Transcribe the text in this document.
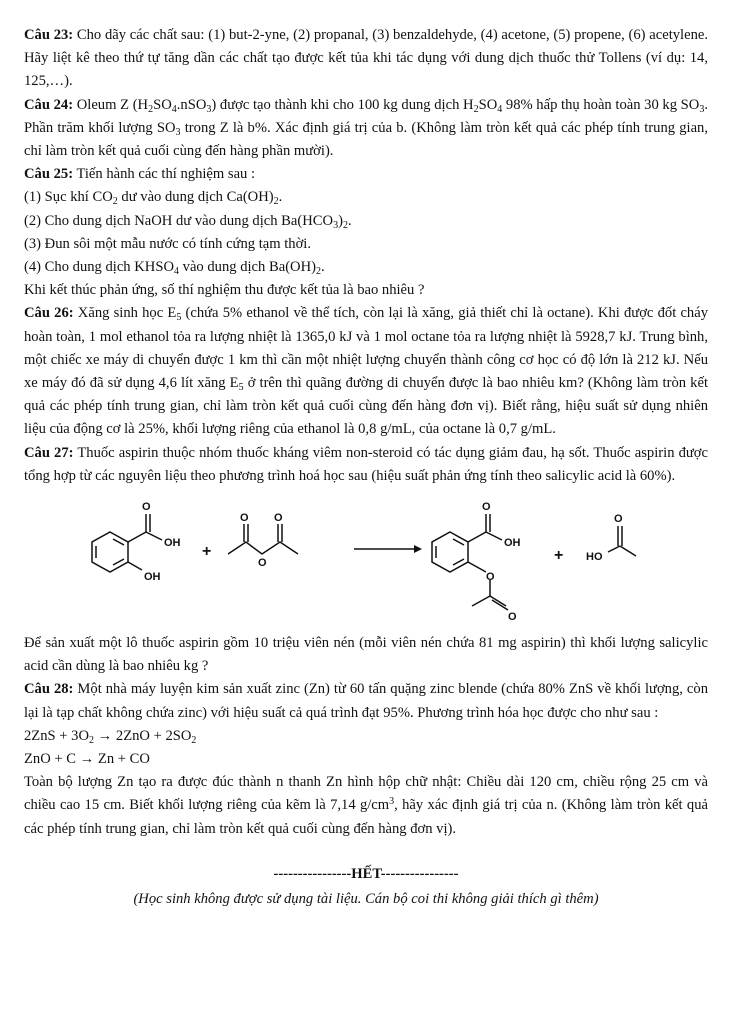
Câu 23: Cho dãy các chất sau: (1) but-2-yne, (2) propanal, (3) benzaldehyde, (4) acetone, (5) propene, (6) acetylene. Hãy liệt kê theo thứ tự tăng dần các chất tạo được kết tủa khi tác dụng với dung dịch thuốc thử Tollens (ví dụ: 14, 125,…).

Câu 24: Oleum Z $(H_2SO_4.nSO_3)$ được tạo thành khi cho 100 kg dung dịch $H_2SO_4$ 98% hấp thụ hoàn toàn 30 kg $SO_3$. Phần trăm khối lượng $SO_3$ trong Z là b%. Xác định giá trị của b. (Không làm tròn kết quả các phép tính trung gian, chỉ làm tròn kết quả cuối cùng đến hàng phần mười).

Câu 25: Tiến hành các thí nghiệm sau :

(1) Sục khí $CO_2$ dư vào dung dịch $Ca(OH)_2$.

(2) Cho dung dịch NaOH dư vào dung dịch $Ba(HCO_3)_2$.

(3) Đun sôi một mẫu nước có tính cứng tạm thời.

(4) Cho dung dịch $KHSO_4$ vào dung dịch $Ba(OH)_2$.

Khi kết thúc phản ứng, số thí nghiệm thu được kết tủa là bao nhiêu ?

Câu 26: Xăng sinh học $E_5$ (chứa 5% ethanol về thể tích, còn lại là xăng, giả thiết chỉ là octane). Khi được đốt cháy hoàn toàn, 1 mol ethanol tỏa ra lượng nhiệt là 1365,0 kJ và 1 mol octane tỏa ra lượng nhiệt là 5928,7 kJ. Trung bình, một chiếc xe máy di chuyển được 1 km thì cần một nhiệt lượng chuyển thành công cơ học có độ lớn là 212 kJ. Nếu xe máy đó đã sử dụng 4,6 lít xăng $E_5$ ở trên thì quãng đường di chuyển được là bao nhiêu km? (Không làm tròn kết quả các phép tính trung gian, chỉ làm tròn kết quả cuối cùng đến hàng đơn vị). Biết rằng, hiệu suất sử dụng nhiên liệu của động cơ là 25%, khối lượng riêng của ethanol là 0,8 g/mL, của octane là 0,7 g/mL.

Câu 27: Thuốc aspirin thuộc nhóm thuốc kháng viêm non-steroid có tác dụng giảm đau, hạ sốt. Thuốc aspirin được tổng hợp từ các nguyên liệu theo phương trình hoá học sau (hiệu suất phản ứng tính theo salicylic acid là 60%).

O
OH
OH
+
O O
O
O
OH
O
O
+ HO
O

Để sản xuất một lô thuốc aspirin gồm 10 triệu viên nén (mỗi viên nén chứa 81 mg aspirin) thì khối lượng salicylic acid cần dùng là bao nhiêu kg ?

Câu 28: Một nhà máy luyện kim sản xuất zinc (Zn) từ 60 tấn quặng zinc blende (chứa 80% ZnS về khối lượng, còn lại là tạp chất không chứa zinc) với hiệu suất cả quá trình đạt 95%. Phương trình hóa học được cho như sau :

$2ZnS + 3O_2 \to 2ZnO + 2SO_2$

ZnO + C → Zn + CO

Toàn bộ lượng Zn tạo ra được đúc thành n thanh Zn hình hộp chữ nhật: Chiều dài 120 cm, chiều rộng 25 cm và chiều cao 15 cm. Biết khối lượng riêng của kẽm là 7,14 $g/cm^3$, hãy xác định giá trị của n. (Không làm tròn kết quả các phép tính trung gian, chỉ làm tròn kết quả cuối cùng đến hàng đơn vị).

----------------HẾT----------------
(Học sinh không được sử dụng tài liệu. Cán bộ coi thi không giải thích gì thêm)
